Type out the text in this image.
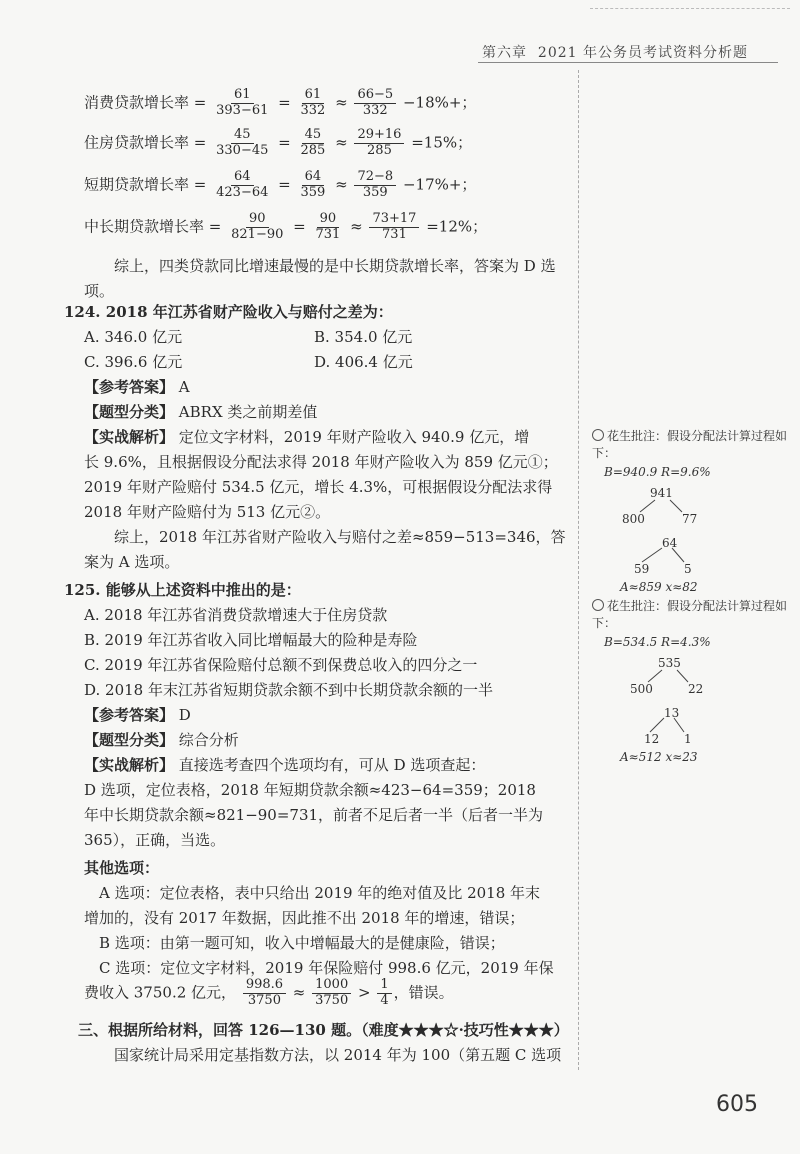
第六章 2021 年公务员考试资料分析题
消费贷款增长率 = $\frac{61}{393-61} = \frac{61}{332} \approx \frac{66-5}{332} -18\%+$；
住房贷款增长率 = $\frac{45}{330-45} = \frac{45}{285} \approx \frac{29+16}{285} =15\%$；
短期贷款增长率 = $\frac{64}{423-64} = \frac{64}{359} \approx \frac{72-8}{359} -17\%+$；
中长期贷款增长率 = $\frac{90}{821-90} = \frac{90}{731} \approx \frac{73+17}{731} =12\%$；
综上，四类贷款同比增速最慢的是中长期贷款增长率，答案为 D 选项。
124. 2018 年江苏省财产险收入与赔付之差为：
A. 346.0 亿元	B. 354.0 亿元
C. 396.6 亿元	D. 406.4 亿元
【参考答案】 A
【题型分类】 ABRX 类之前期差值
【实战解析】 定位文字材料，2019 年财产险收入 940.9 亿元，增
长 9.6%，且根据假设分配法求得 2018 年财产险收入为 859 亿元①；
2019 年财产险赔付 534.5 亿元，增长 4.3%，可根据假设分配法求得
2018 年财产险赔付为 513 亿元②。
综上，2018 年江苏省财产险收入与赔付之差≈859−513=346，答
案为 A 选项。
125. 能够从上述资料中推出的是：
A. 2018 年江苏省消费贷款增速大于住房贷款
B. 2019 年江苏省收入同比增幅最大的险种是寿险
C. 2019 年江苏省保险赔付总额不到保费总收入的四分之一
D. 2018 年末江苏省短期贷款余额不到中长期贷款余额的一半
【参考答案】 D
【题型分类】 综合分析
【实战解析】 直接选考查四个选项均有，可从 D 选项查起：
D 选项，定位表格，2018 年短期贷款余额≈423−64=359；2018
年中长期贷款余额≈821−90=731，前者不足后者一半（后者一半为
365），正确，当选。
其他选项：
A 选项：定位表格，表中只给出 2019 年的绝对值及比 2018 年末
增加的，没有 2017 年数据，因此推不出 2018 年的增速，错误；
B 选项：由第一题可知，收入中增幅最大的是健康险，错误；
C 选项：定位文字材料，2019 年保险赔付 998.6 亿元，2019 年保
费收入 3750.2 亿元， $\frac{998.6}{3750} \approx \frac{1000}{3750} > \frac{1}{4}$ ，错误。
三、根据所给材料，回答 126—130 题。（难度★★★☆·技巧性★★★）
国家统计局采用定基指数方法，以 2014 年为 100（第五题 C 选项
花生批注：假设分配法计算过程如下：
B=940.9 R=9.6%
941
800	77
64
59	5
A≈859 x≈82
花生批注：假设分配法计算过程如下：
B=534.5 R=4.3%
535
500	22
13
12 1
A≈512 x≈23
605
